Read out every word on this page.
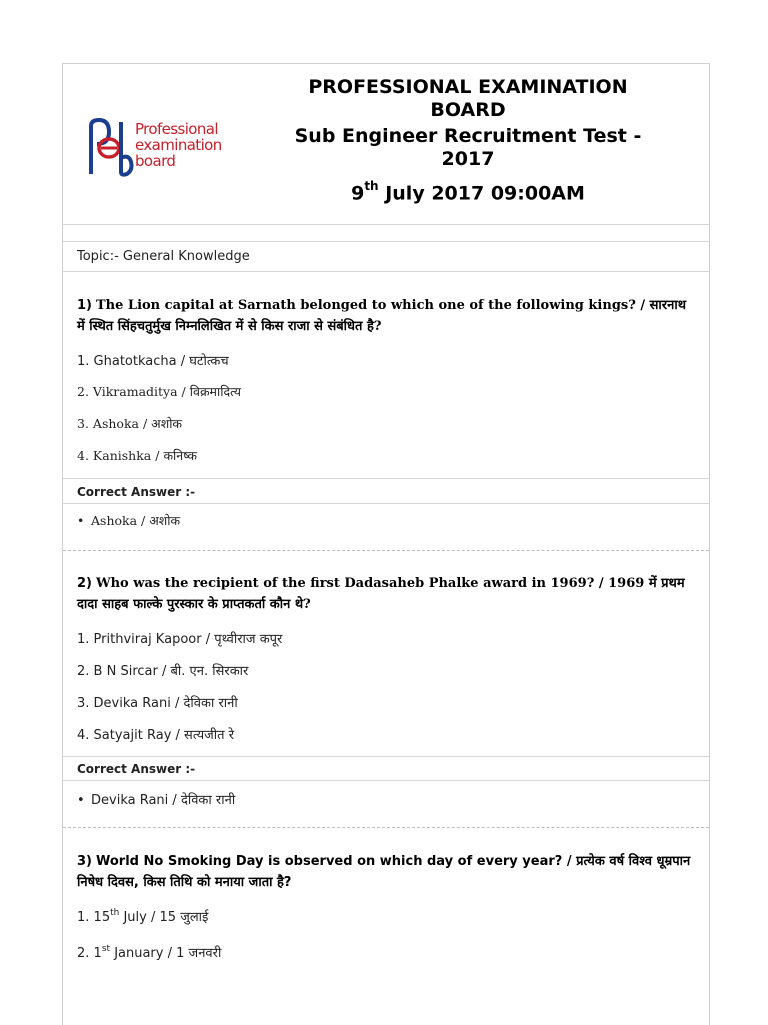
Professional
examination
board
PROFESSIONAL EXAMINATION BOARD
Sub Engineer Recruitment Test - 2017
9th July 2017 09:00AM
Topic:- General Knowledge
1) The Lion capital at Sarnath belonged to which one of the following kings? / सारनाथ में स्थित सिंहचतुर्मुख निम्नलिखित में से किस राजा से संबंधित है?
1. Ghatotkacha / घटोत्कच
2. Vikramaditya / विक्रमादित्य
3. Ashoka / अशोक
4. Kanishka / कनिष्क
Correct Answer :-
• Ashoka / अशोक
2) Who was the recipient of the first Dadasaheb Phalke award in 1969? / 1969 में प्रथम दादा साहब फाल्के पुरस्कार के प्राप्तकर्ता कौन थे?
1. Prithviraj Kapoor / पृथ्वीराज कपूर
2. B N Sircar / बी. एन. सिरकार
3. Devika Rani / देविका रानी
4. Satyajit Ray / सत्यजीत रे
Correct Answer :-
• Devika Rani / देविका रानी
3) World No Smoking Day is observed on which day of every year? / प्रत्येक वर्ष विश्व धूम्रपान निषेध दिवस, किस तिथि को मनाया जाता है?
1. 15th July / 15 जुलाई
2. 1st January / 1 जनवरी
